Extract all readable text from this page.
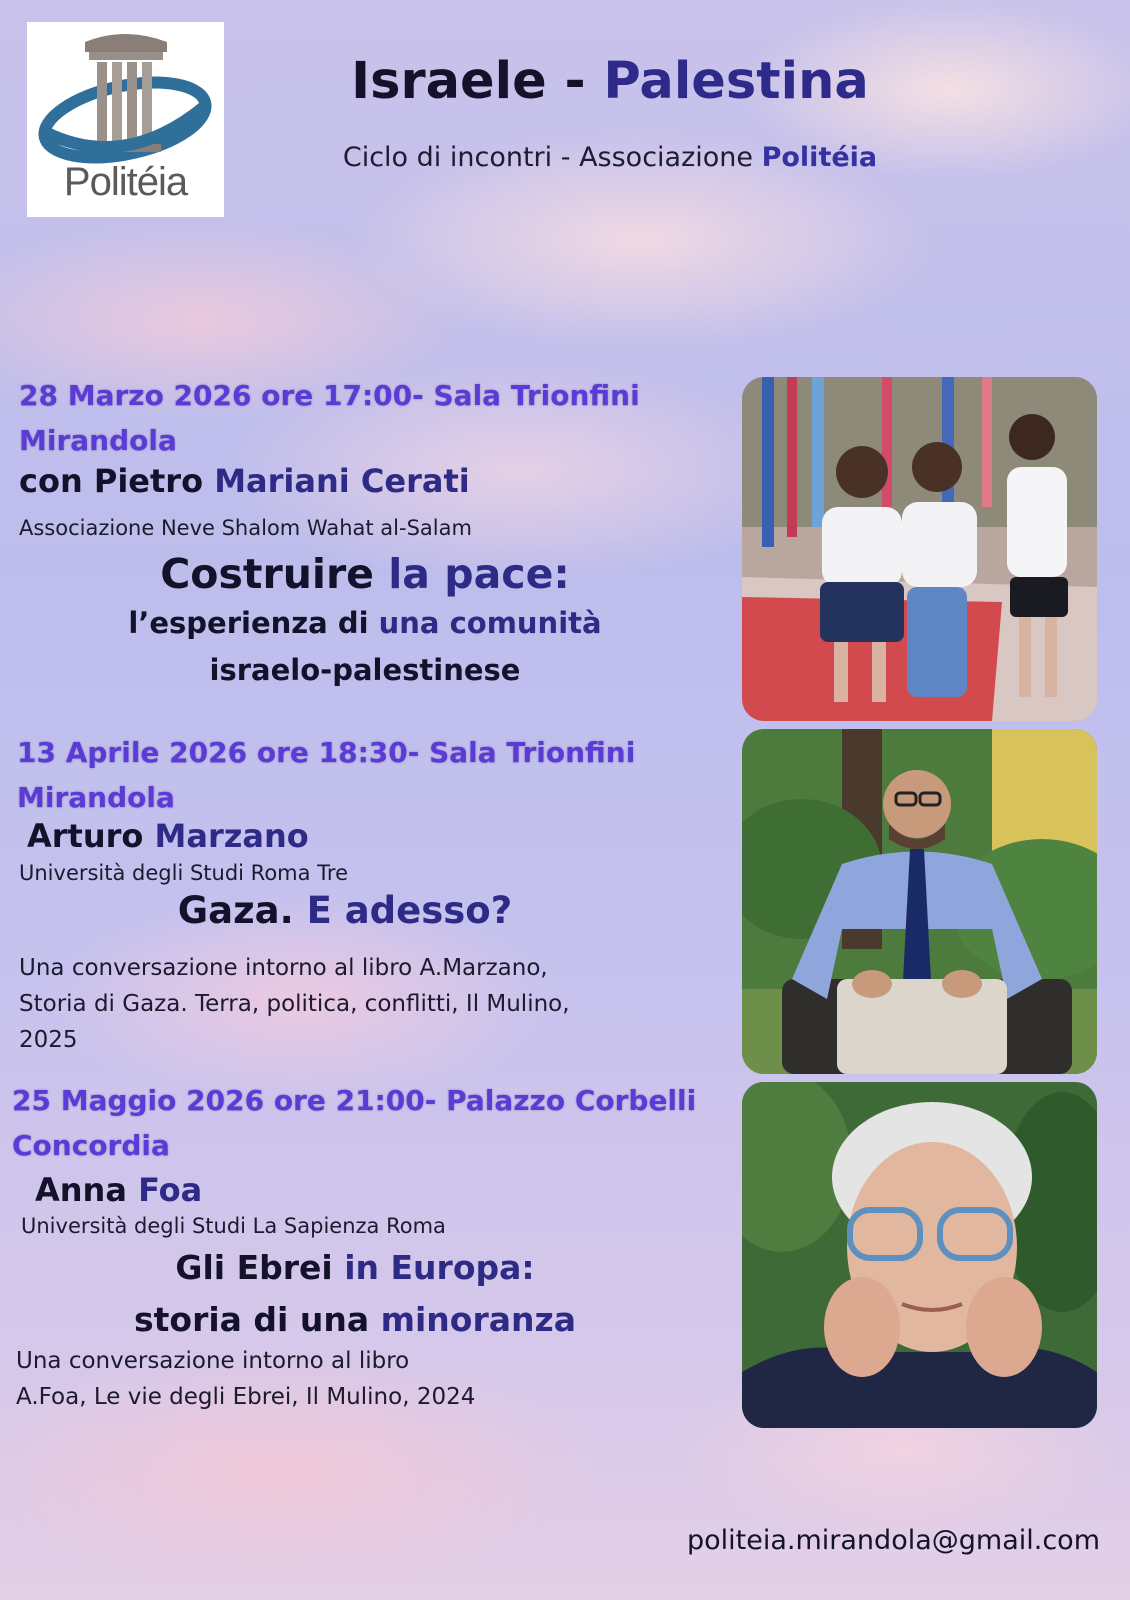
Politéia
Israele - Palestina
Ciclo di incontri - Associazione Politéia
28 Marzo 2026 ore 17:00- Sala Trionfini
Mirandola
con Pietro Mariani Cerati
Associazione Neve Shalom Wahat al-Salam
Costruire la pace:
l’esperienza di una comunità
israelo-palestinese
13 Aprile 2026 ore 18:30- Sala Trionfini
Mirandola
Arturo Marzano
Università degli Studi Roma Tre
Gaza. E adesso?
Una conversazione intorno al libro A.Marzano,
Storia di Gaza. Terra, politica, conflitti, Il Mulino,
2025
25 Maggio 2026 ore 21:00- Palazzo Corbelli
Concordia
Anna Foa
Università degli Studi La Sapienza Roma
Gli Ebrei in Europa:
storia di una minoranza
Una conversazione intorno al libro
A.Foa, Le vie degli Ebrei, Il Mulino, 2024
politeia.mirandola@gmail.com
